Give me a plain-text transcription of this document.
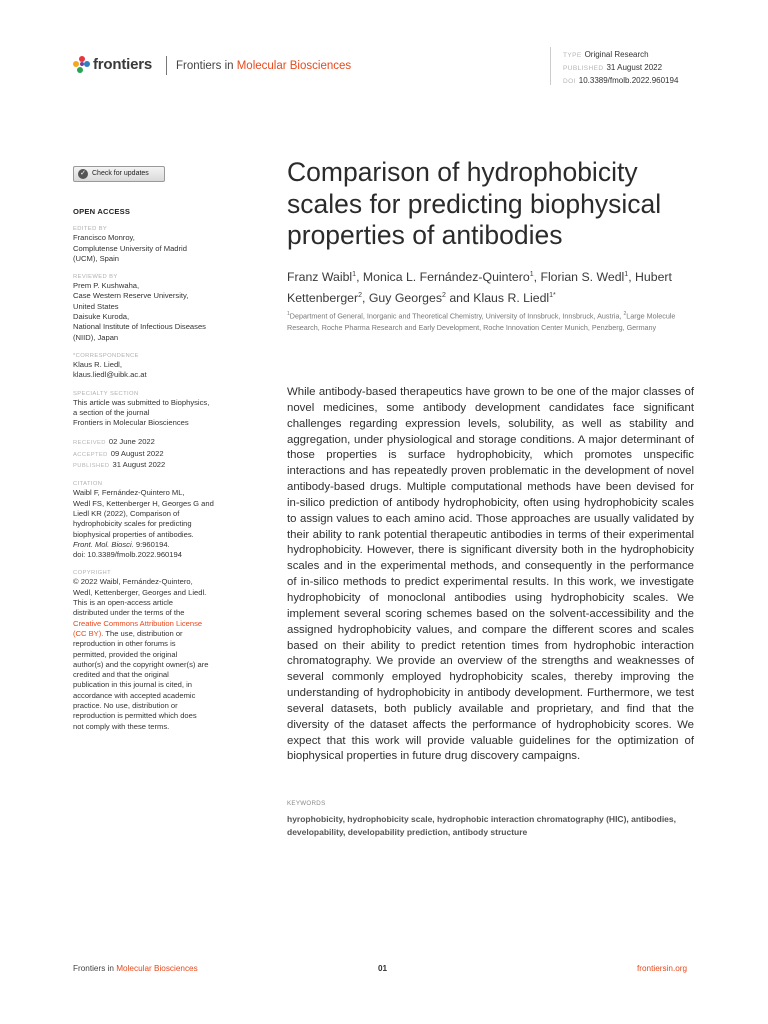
frontiers Frontiers in Molecular Biosciences
TYPE Original Research
PUBLISHED 31 August 2022
DOI 10.3389/fmolb.2022.960194
✓ Check for updates
OPEN ACCESS
EDITED BY
Francisco Monroy,
Complutense University of Madrid
(UCM), Spain
REVIEWED BY
Prem P. Kushwaha,
Case Western Reserve University,
United States
Daisuke Kuroda,
National Institute of Infectious Diseases
(NIID), Japan
*CORRESPONDENCE
Klaus R. Liedl,
klaus.liedl@uibk.ac.at
SPECIALTY SECTION
This article was submitted to Biophysics,
a section of the journal
Frontiers in Molecular Biosciences
RECEIVED 02 June 2022
ACCEPTED 09 August 2022
PUBLISHED 31 August 2022
CITATION
Waibl F, Fernández-Quintero ML,
Wedl FS, Kettenberger H, Georges G and
Liedl KR (2022), Comparison of
hydrophobicity scales for predicting
biophysical properties of antibodies.
Front. Mol. Biosci. 9:960194.
doi: 10.3389/fmolb.2022.960194
COPYRIGHT
© 2022 Waibl, Fernández-Quintero,
Wedl, Kettenberger, Georges and Liedl.
This is an open-access article
distributed under the terms of the
Creative Commons Attribution License
(CC BY). The use, distribution or
reproduction in other forums is
permitted, provided the original
author(s) and the copyright owner(s) are
credited and that the original
publication in this journal is cited, in
accordance with accepted academic
practice. No use, distribution or
reproduction is permitted which does
not comply with these terms.
Comparison of hydrophobicity scales for predicting biophysical properties of antibodies
Franz Waibl$^1$, Monica L. Fernández-Quintero$^1$, Florian S. Wedl$^1$, Hubert Kettenberger$^2$, Guy Georges$^2$ and Klaus R. Liedl$^{1*}$
$^1$Department of General, Inorganic and Theoretical Chemistry, University of Innsbruck, Innsbruck, Austria, $^2$Large Molecule Research, Roche Pharma Research and Early Development, Roche Innovation Center Munich, Penzberg, Germany
While antibody-based therapeutics have grown to be one of the major classes of novel medicines, some antibody development candidates face significant challenges regarding expression levels, solubility, as well as stability and aggregation, under physiological and storage conditions. A major determinant of those properties is surface hydrophobicity, which promotes unspecific interactions and has repeatedly proven problematic in the development of novel antibody-based drugs. Multiple computational methods have been devised for in-silico prediction of antibody hydrophobicity, often using hydrophobicity scales to assign values to each amino acid. Those approaches are usually validated by their ability to rank potential therapeutic antibodies in terms of their experimental hydrophobicity. However, there is significant diversity both in the hydrophobicity scales and in the experimental methods, and consequently in the performance of in-silico methods to predict experimental results. In this work, we investigate hydrophobicity of monoclonal antibodies using hydrophobicity scales. We implement several scoring schemes based on the solvent-accessibility and the assigned hydrophobicity values, and compare the different scores and scales based on their ability to predict retention times from hydrophobic interaction chromatography. We provide an overview of the strengths and weaknesses of several commonly employed hydrophobicity scales, thereby improving the understanding of hydrophobicity in antibody development. Furthermore, we test several datasets, both publicly available and proprietary, and find that the diversity of the dataset affects the performance of hydrophobicity scores. We expect that this work will provide valuable guidelines for the optimization of biophysical properties in future drug discovery campaigns.
KEYWORDS
hyrophobicity, hydrophobicity scale, hydrophobic interaction chromatography (HIC), antibodies, developability, developability prediction, antibody structure
Frontiers in Molecular Biosciences	01	frontiersin.org
